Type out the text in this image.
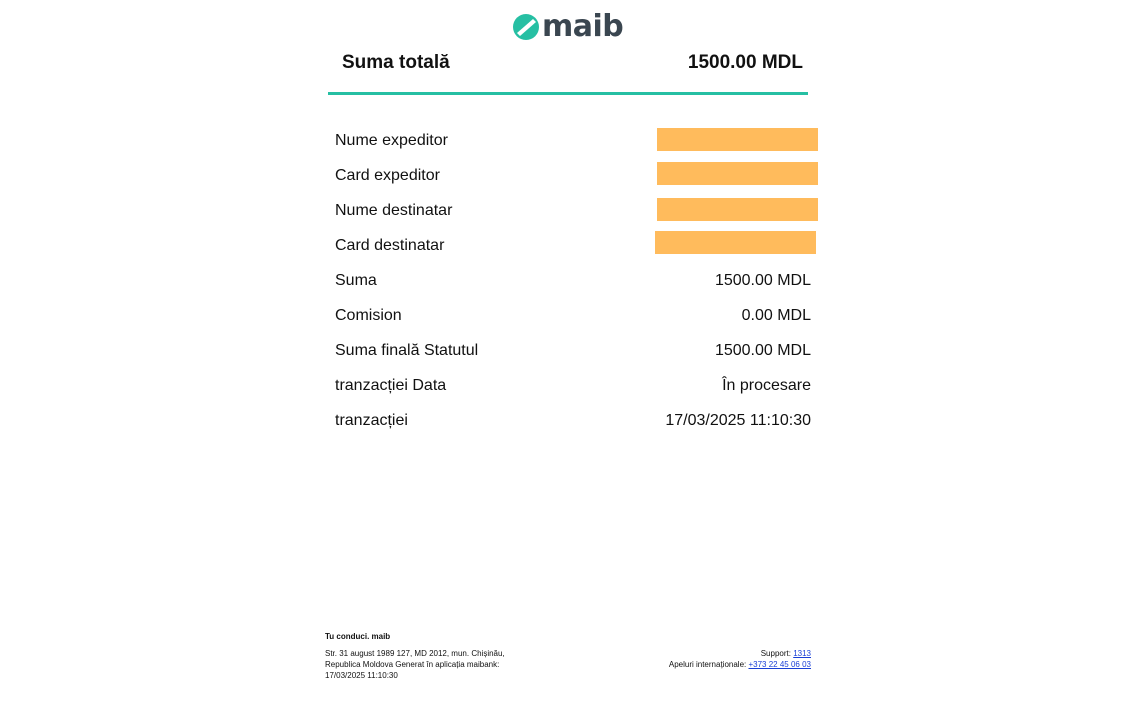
maib
Suma totală	1500.00 MDL
Nume expeditor
Card expeditor
Nume destinatar
Card destinatar
Suma	1500.00 MDL
Comision	0.00 MDL
Suma finală Statutul	1500.00 MDL
tranzacției Data	În procesare
tranzacției	17/03/2025 11:10:30
Tu conduci. maib
Str. 31 august 1989 127, MD 2012, mun. Chișinău, Republica Moldova Generat în aplicația maibank: 17/03/2025 11:10:30
Support: 1313
Apeluri internaționale: +373 22 45 06 03
